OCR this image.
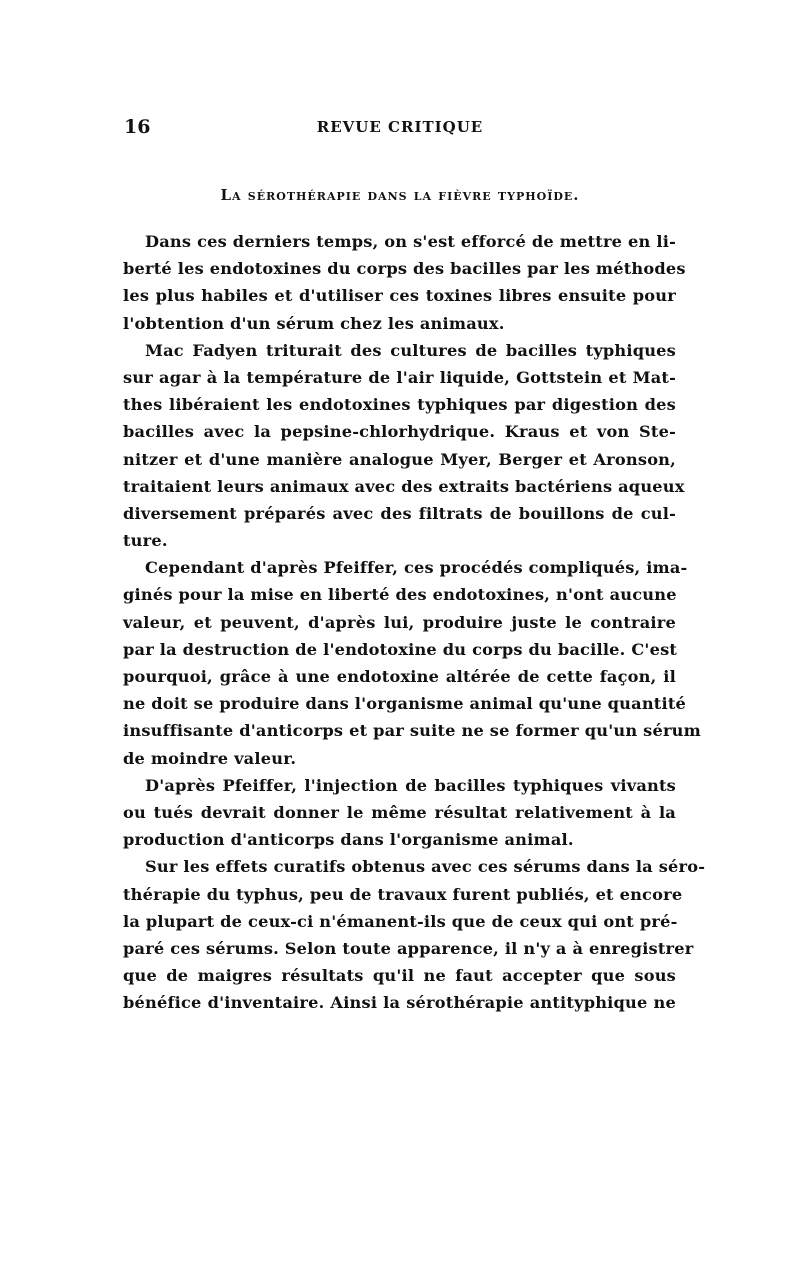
16	REVUE CRITIQUE
La sérothérapie dans la fièvre typhoïde.
Dans ces derniers temps, on s'est efforcé de mettre en li-
berté les endotoxines du corps des bacilles par les méthodes
les plus habiles et d'utiliser ces toxines libres ensuite pour
l'obtention d'un sérum chez les animaux.
Mac Fadyen triturait des cultures de bacilles typhiques
sur agar à la température de l'air liquide, Gottstein et Mat-
thes libéraient les endotoxines typhiques par digestion des
bacilles avec la pepsine-chlorhydrique. Kraus et von Ste-
nitzer et d'une manière analogue Myer, Berger et Aronson,
traitaient leurs animaux avec des extraits bactériens aqueux
diversement préparés avec des filtrats de bouillons de cul-
ture.
Cependant d'après Pfeiffer, ces procédés compliqués, ima-
ginés pour la mise en liberté des endotoxines, n'ont aucune
valeur, et peuvent, d'après lui, produire juste le contraire
par la destruction de l'endotoxine du corps du bacille. C'est
pourquoi, grâce à une endotoxine altérée de cette façon, il
ne doit se produire dans l'organisme animal qu'une quantité
insuffisante d'anticorps et par suite ne se former qu'un sérum
de moindre valeur.
D'après Pfeiffer, l'injection de bacilles typhiques vivants
ou tués devrait donner le même résultat relativement à la
production d'anticorps dans l'organisme animal.
Sur les effets curatifs obtenus avec ces sérums dans la séro-
thérapie du typhus, peu de travaux furent publiés, et encore
la plupart de ceux-ci n'émanent-ils que de ceux qui ont pré-
paré ces sérums. Selon toute apparence, il n'y a à enregistrer
que de maigres résultats qu'il ne faut accepter que sous
bénéfice d'inventaire. Ainsi la sérothérapie antityphique ne
